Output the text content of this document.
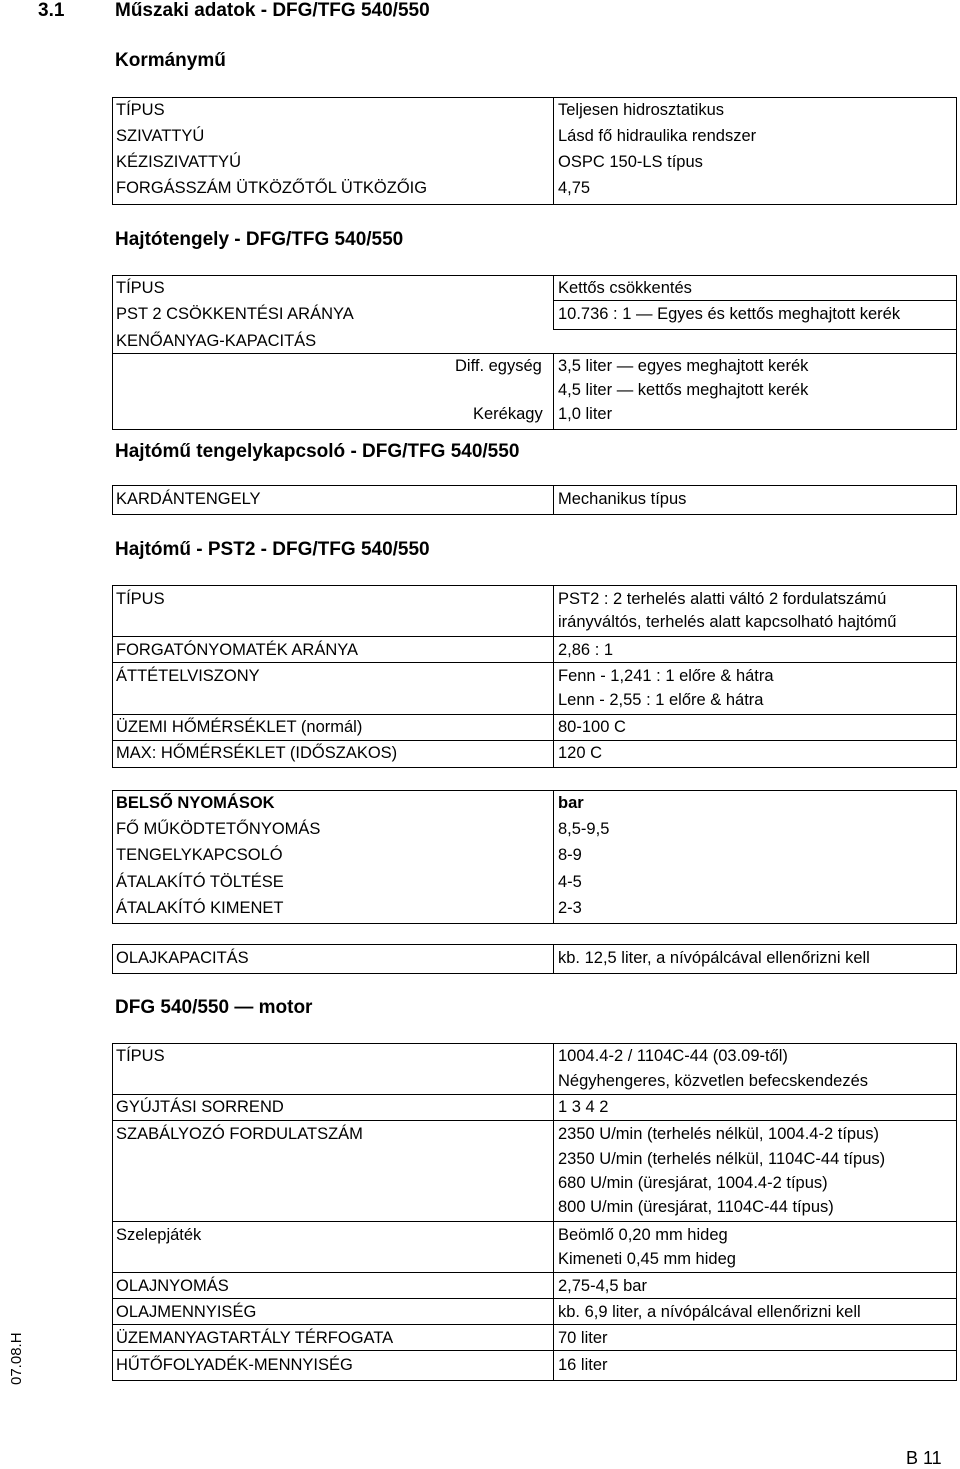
3.1	Műszaki adatok - DFG/TFG 540/550
Kormánymű
TÍPUS	Teljesen hidrosztatikus
SZIVATTYÚ	Lásd fő hidraulika rendszer
KÉZISZIVATTYÚ	OSPC 150-LS típus
FORGÁSSZÁM ÜTKÖZŐTŐL ÜTKÖZŐIG	4,75
Hajtótengely - DFG/TFG 540/550
TÍPUS	Kettős csökkentés
PST 2 CSÖKKENTÉSI ARÁNYA	10.736 : 1 — Egyes és kettős meghajtott kerék
KENŐANYAG-KAPACITÁS
Diff. egység 3,5 liter — egyes meghajtott kerék
4,5 liter — kettős meghajtott kerék
Kerékagy 1,0 liter
Hajtómű tengelykapcsoló - DFG/TFG 540/550
KARDÁNTENGELY	Mechanikus típus
Hajtómű - PST2 - DFG/TFG 540/550
TÍPUS	PST2 : 2 terhelés alatti váltó 2 fordulatszámú
irányváltós, terhelés alatt kapcsolható hajtómű
FORGATÓNYOMATÉK ARÁNYA	2,86 : 1
ÁTTÉTELVISZONY	Fenn - 1,241 : 1 előre & hátra
Lenn - 2,55 : 1 előre & hátra
ÜZEMI HŐMÉRSÉKLET (normál)	80-100 C
MAX: HŐMÉRSÉKLET (IDŐSZAKOS)	120 C
BELSŐ NYOMÁSOK	bar
FŐ MŰKÖDTETŐNYOMÁS	8,5-9,5
TENGELYKAPCSOLÓ	8-9
ÁTALAKÍTÓ TÖLTÉSE	4-5
ÁTALAKÍTÓ KIMENET	2-3
OLAJKAPACITÁS	kb. 12,5 liter, a nívópálcával ellenőrizni kell
DFG 540/550 — motor
TÍPUS	1004.4-2 / 1104C-44 (03.09-től)
Négyhengeres, közvetlen befecskendezés
GYÚJTÁSI SORREND	1 3 4 2
SZABÁLYOZÓ FORDULATSZÁM	2350 U/min (terhelés nélkül, 1004.4-2 típus)
2350 U/min (terhelés nélkül, 1104C-44 típus)
680 U/min (üresjárat, 1004.4-2 típus)
800 U/min (üresjárat, 1104C-44 típus)
Szelepjáték	Beömlő 0,20 mm hideg
Kimeneti 0,45 mm hideg
OLAJNYOMÁS	2,75-4,5 bar
OLAJMENNYISÉG	kb. 6,9 liter, a nívópálcával ellenőrizni kell
ÜZEMANYAGTARTÁLY TÉRFOGATA	70 liter
HŰTŐFOLYADÉK-MENNYISÉG	16 liter
07.08.H
B 11
